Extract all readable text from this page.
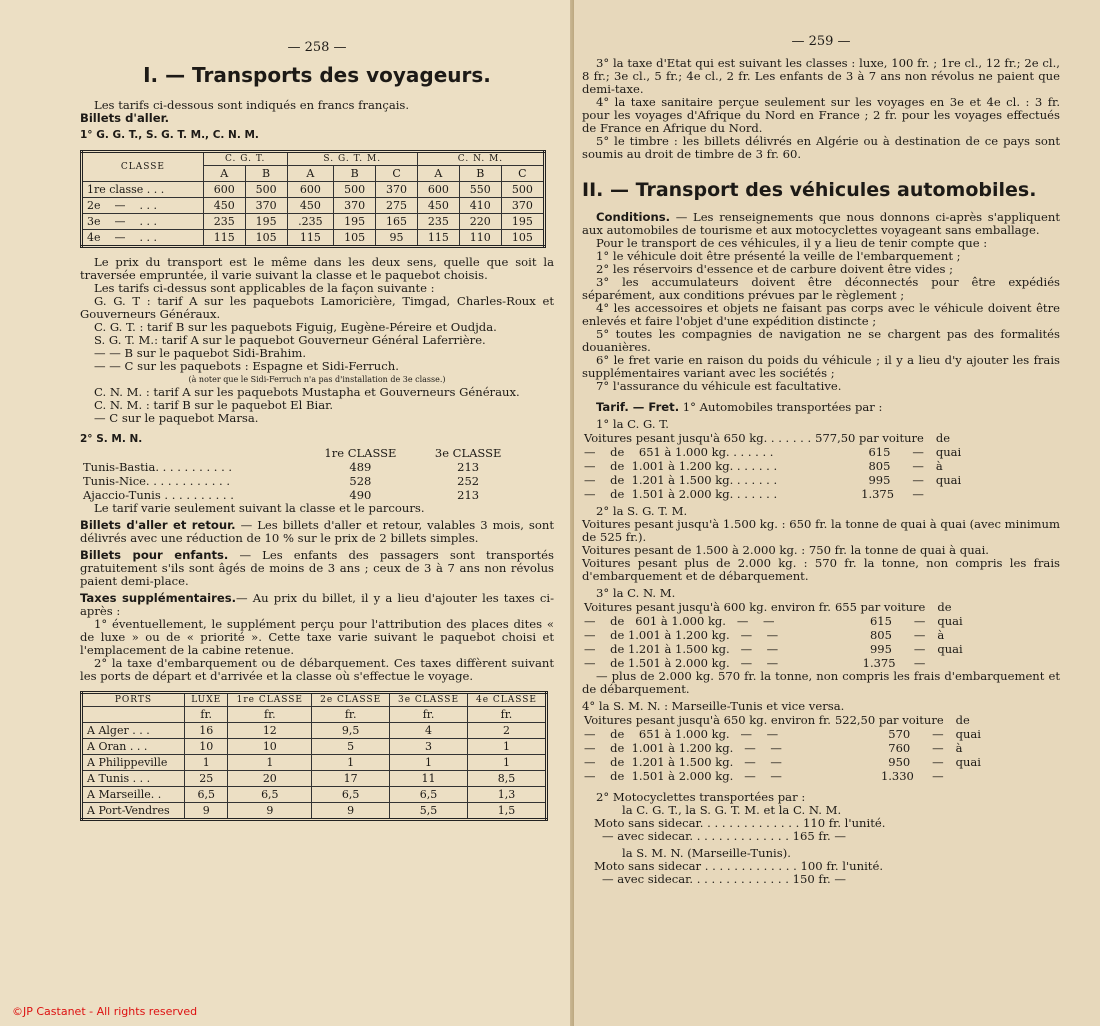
— 258 —
I. — Transports des voyageurs.

Les tarifs ci-dessous sont indiqués en francs français.

Billets d'aller.

1° G. G. T., S. G. T. M., C. N. M.

CLASSE	C. G. T.		S. G. T. M.			C. N. M.		
	A	B	A	B	C	A	B	C
1re classe . . .	600	500	600	500	370	600	550	500
2e    —    . . .	450	370	450	370	275	450	410	370
3e    —    . . .	235	195	.235	195	165	235	220	195
4e    —    . . .	115	105	115	105	95	115	110	105

Le prix du transport est le même dans les deux sens, quelle que soit la traversée empruntée, il varie suivant la classe et le paquebot choisis.

Les tarifs ci-dessus sont applicables de la façon suivante :

G. G. T : tarif A sur les paquebots Lamoricière, Timgad, Charles-Roux et Gouverneurs Généraux.

C. G. T. : tarif B sur les paquebots Figuig, Eugène-Péreire et Oudjda.

S. G. T. M.: tarif A sur le paquebot Gouverneur Général Laferrière.

— — B sur le paquebot Sidi-Brahim.

— — C sur les paquebots : Espagne et Sidi-Ferruch.

(à noter que le Sidi-Ferruch n'a pas d'installation de 3e classe.)

C. N. M. : tarif A sur les paquebots Mustapha et Gouverneurs Généraux.

C. N. M. : tarif B sur le paquebot El Biar.

— C sur le paquebot Marsa.

2° S. M. N.

	1re CLASSE	3e CLASSE
Tunis-Bastia. . . . . . . . . . .	489	213
Tunis-Nice. . . . . . . . . . . .	528	252
Ajaccio-Tunis . . . . . . . . . .	490	213

Le tarif varie seulement suivant la classe et le parcours.

Billets d'aller et retour. — Les billets d'aller et retour, valables 3 mois, sont délivrés avec une réduction de 10 % sur le prix de 2 billets simples.

Billets pour enfants. — Les enfants des passagers sont transportés gratuitement s'ils sont âgés de moins de 3 ans ; ceux de 3 à 7 ans non révolus paient demi-place.

Taxes supplémentaires.— Au prix du billet, il y a lieu d'ajouter les taxes ci-après :

1° éventuellement, le supplément perçu pour l'attribution des places dites « de luxe » ou de « priorité ». Cette taxe varie suivant le paquebot choisi et l'emplacement de la cabine retenue.

2° la taxe d'embarquement ou de débarquement. Ces taxes diffèrent suivant les ports de départ et d'arrivée et la classe où s'effectue le voyage.

PORTS	LUXE	1re CLASSE	2e CLASSE	3e CLASSE	4e CLASSE
	fr.	fr.	fr.	fr.	fr.
A Alger . . .	16	12	9,5	4	2
A Oran . . .	10	10	5	3	1
A Philippeville	1	1	1	1	1
A Tunis . . .	25	20	17	11	8,5
A Marseille. .	6,5	6,5	6,5	6,5	1,3
A Port-Vendres	9	9	9	5,5	1,5
— 259 —

3° la taxe d'Etat qui est suivant les classes : luxe, 100 fr. ; 1re cl., 12 fr.; 2e cl., 8 fr.; 3e cl., 5 fr.; 4e cl., 2 fr. Les enfants de 3 à 7 ans non révolus ne paient que demi-taxe.

4° la taxe sanitaire perçue seulement sur les voyages en 3e et 4e cl. : 3 fr. pour les voyages d'Afrique du Nord en France ; 2 fr. pour les voyages effectués de France en Afrique du Nord.

5° le timbre : les billets délivrés en Algérie ou à destination de ce pays sont soumis au droit de timbre de 3 fr. 60.

II. — Transport des véhicules automobiles.

Conditions. — Les renseignements que nous donnons ci-après s'appliquent aux automobiles de tourisme et aux motocyclettes voyageant sans emballage.

Pour le transport de ces véhicules, il y a lieu de tenir compte que :

1° le véhicule doit être présenté la veille de l'embarquement ;

2° les réservoirs d'essence et de carbure doivent être vides ;

3° les accumulateurs doivent être déconnectés pour être expédiés séparément, aux conditions prévues par le règlement ;

4° les accessoires et objets ne faisant pas corps avec le véhicule doivent être enlevés et faire l'objet d'une expédition distincte ;

5° toutes les compagnies de navigation ne se chargent pas des formalités douanières.

6° le fret varie en raison du poids du véhicule ; il y a lieu d'y ajouter les frais supplémentaires variant avec les sociétés ;

7° l'assurance du véhicule est facultative.

Tarif. — Fret. 1° Automobiles transportées par :

1° la C. G. T.

Voitures pesant jusqu'à 650 kg. . . . . . .	577,50 par voiture	de
—    de    651 à 1.000 kg. . . . . . .	615      —	quai
—    de  1.001 à 1.200 kg. . . . . . .	805      —	à
—    de  1.201 à 1.500 kg. . . . . . .	995      —	quai
—    de  1.501 à 2.000 kg. . . . . . .	1.375     —	

2° la S. G. T. M.

Voitures pesant jusqu'à 1.500 kg. : 650 fr. la tonne de quai à quai (avec minimum de 525 fr.).

Voitures pesant de 1.500 à 2.000 kg. : 750 fr. la tonne de quai à quai.

Voitures pesant plus de 2.000 kg. : 570 fr. la tonne, non compris les frais d'embarquement et de débarquement.

3° la C. N. M.

Voitures pesant jusqu'à 600 kg. environ fr.	655 par voiture	de
—    de   601 à 1.000 kg.   —    —	615      —	quai
—    de 1.001 à 1.200 kg.   —    —	805      —	à
—    de 1.201 à 1.500 kg.   —    —	995      —	quai
—    de 1.501 à 2.000 kg.   —    —	1.375     —	

— plus de 2.000 kg. 570 fr. la tonne, non compris les frais d'embarquement et de débarquement.

4° la S. M. N. : Marseille-Tunis et vice versa.

Voitures pesant jusqu'à 650 kg. environ fr.	522,50 par voiture	de
—    de    651 à 1.000 kg.   —    —	570      —	quai
—    de  1.001 à 1.200 kg.   —    —	760      —	à
—    de  1.201 à 1.500 kg.   —    —	950      —	quai
—    de  1.501 à 2.000 kg.   —    —	1.330     —	

2° Motocyclettes transportées par :

la C. G. T., la S. G. T. M. et la C. N. M.

Moto sans sidecar. . . . . . . . . . . . . . 110 fr. l'unité.

— avec sidecar. . . . . . . . . . . . . . 165 fr. —

la S. M. N. (Marseille-Tunis).

Moto sans sidecar . . . . . . . . . . . . . 100 fr. l'unité.

— avec sidecar. . . . . . . . . . . . . . 150 fr. —

©JP Castanet - All rights reserved
